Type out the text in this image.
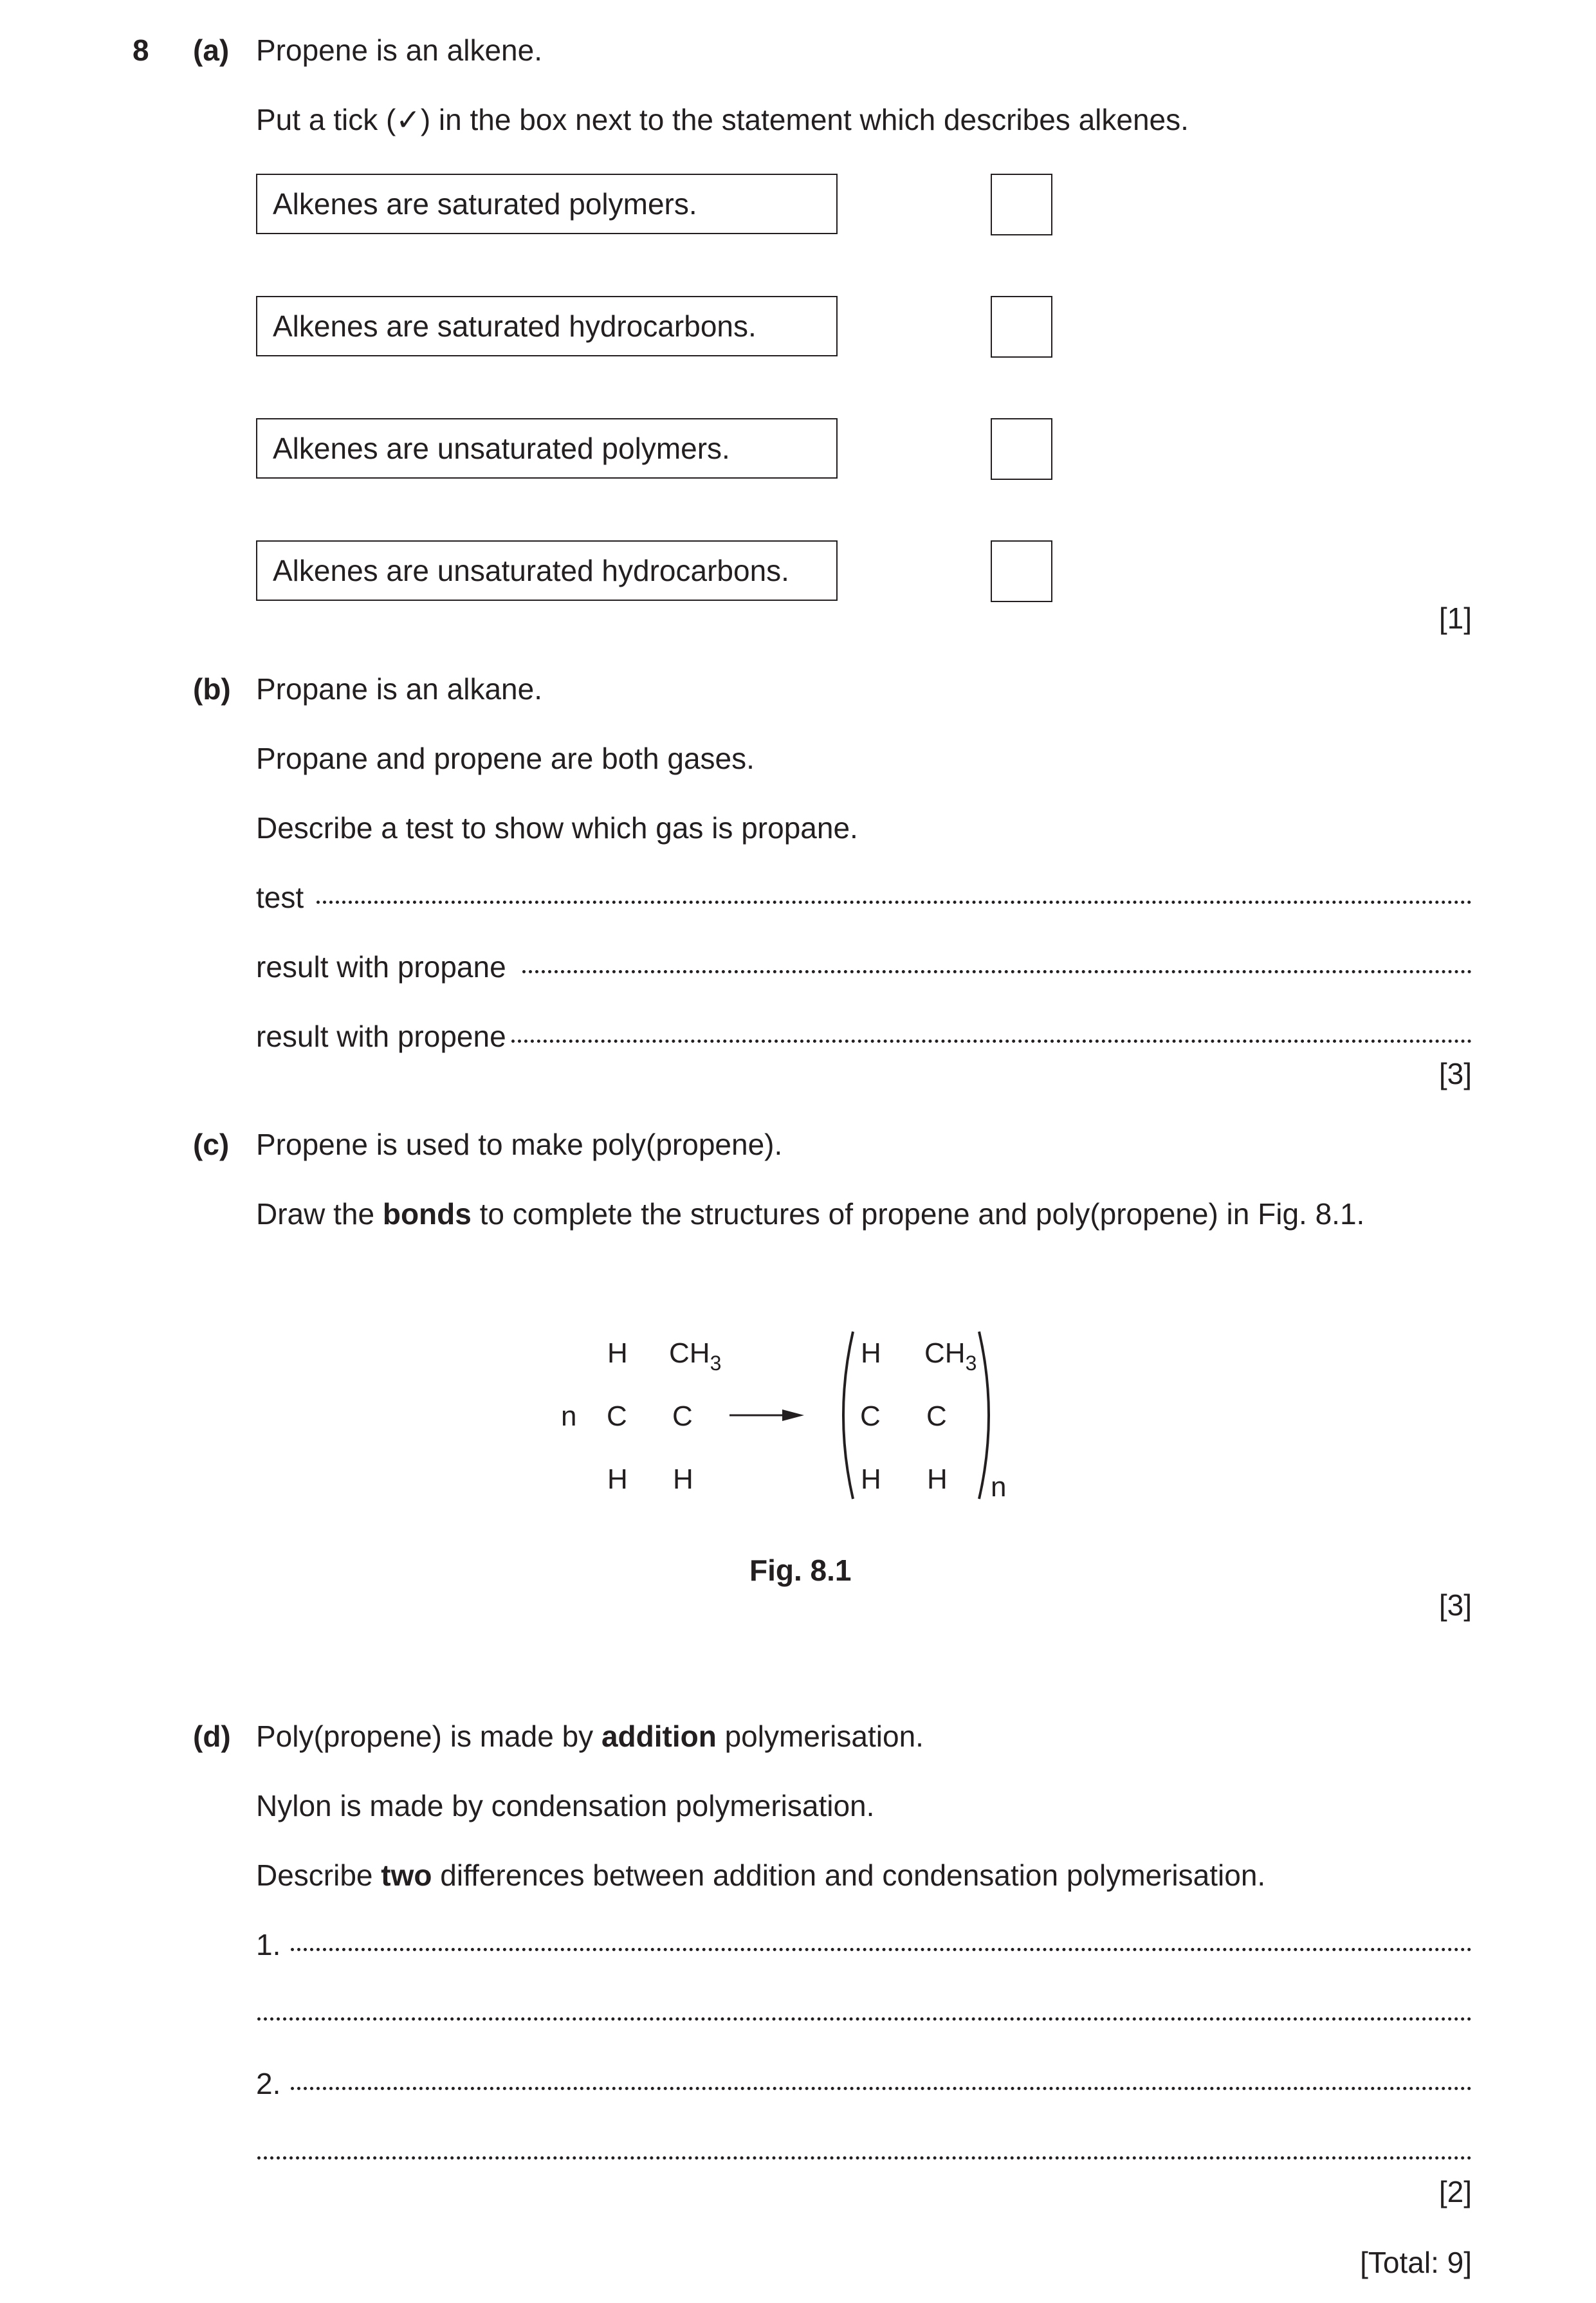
8 (a) Propene is an alkene.
Put a tick (✓) in the box next to the statement which describes alkenes.
Alkenes are saturated polymers.
Alkenes are saturated hydrocarbons.
Alkenes are unsaturated polymers.
Alkenes are unsaturated hydrocarbons.
[1]
(b) Propane is an alkane.
Propane and propene are both gases.
Describe a test to show which gas is propane.
test
result with propane
result with propene
[3]
(c) Propene is used to make poly(propene).
Draw the bonds to complete the structures of propene and poly(propene) in Fig. 8.1.
n
H $CH_3$
C C
H H
H $CH_3$
C C
H H n
Fig. 8.1
[3]
(d) Poly(propene) is made by addition polymerisation.
Nylon is made by condensation polymerisation.
Describe two differences between addition and condensation polymerisation.
1.
2.
[2]
[Total: 9]
